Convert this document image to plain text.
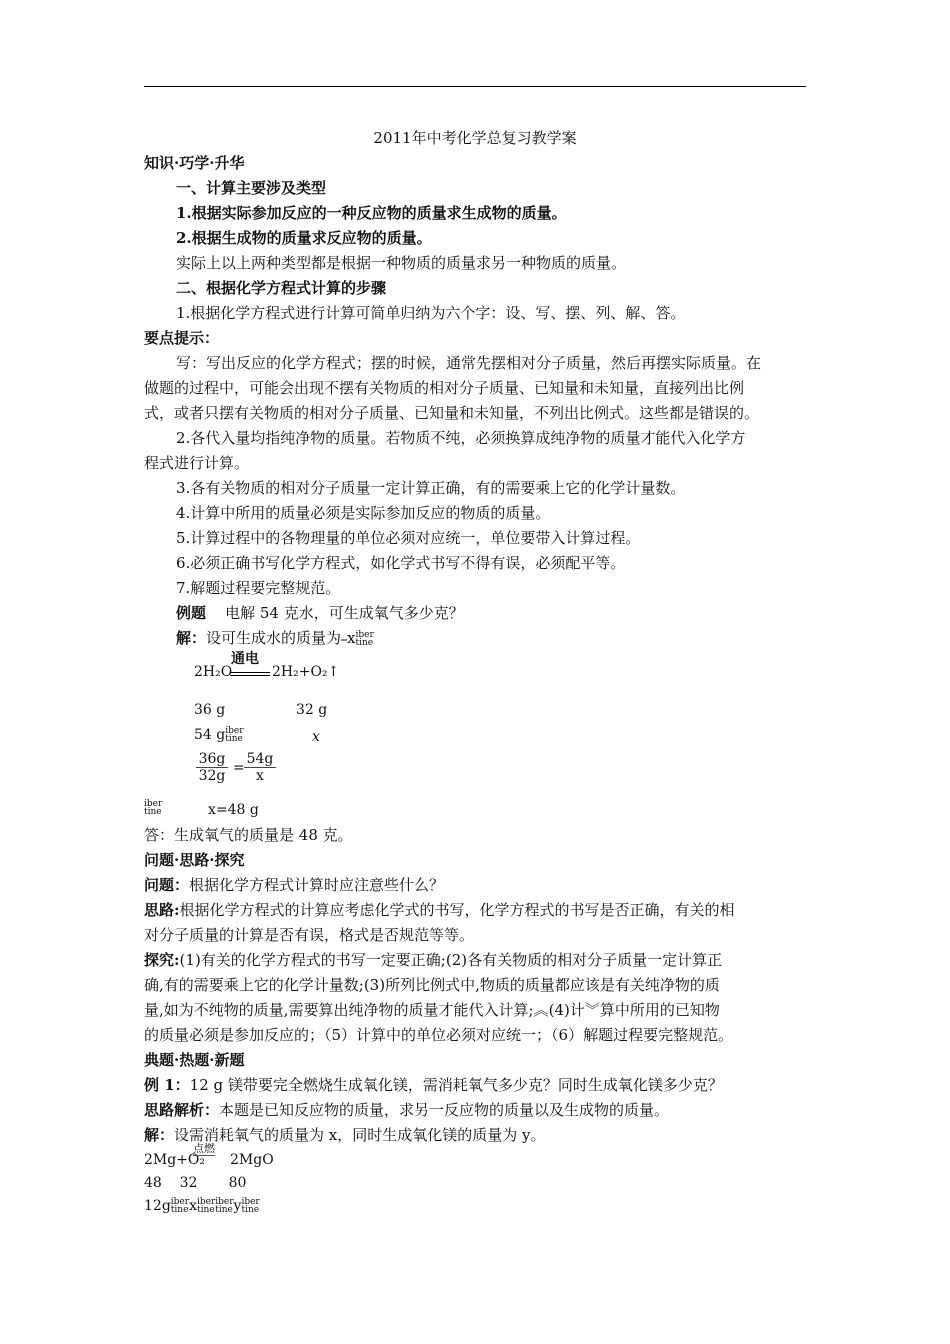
2011年中考化学总复习教学案
知识·巧学·升华
一、计算主要涉及类型
1.根据实际参加反应的一种反应物的质量求生成物的质量。
2.根据生成物的质量求反应物的质量。
实际上以上两种类型都是根据一种物质的质量求另一种物质的质量。
二、根据化学方程式计算的步骤
1.根据化学方程式进行计算可简单归纳为六个字：设、写、摆、列、解、答。
要点提示：
写：写出反应的化学方程式；摆的时候，通常先摆相对分子质量，然后再摆实际质量。在
做题的过程中，可能会出现不摆有关物质的相对分子质量、已知量和未知量，直接列出比例
式，或者只摆有关物质的相对分子质量、已知量和未知量，不列出比例式。这些都是错误的。
2.各代入量均指纯净物的质量。若物质不纯，必须换算成纯净物的质量才能代入化学方
程式进行计算。
3.各有关物质的相对分子质量一定计算正确，有的需要乘上它的化学计量数。
4.计算中所用的质量必须是实际参加反应的物质的质量。
5.计算过程中的各物理量的单位必须对应统一，单位要带入计算过程。
6.必须正确书写化学方程式，如化学式书写不得有误，必须配平等。
7.解题过程要完整规范。
例题 电解 54 克水，可生成氧气多少克？
解：设可生成水的质量为⎯xiber
tine
2H₂O
通电
2H₂+O₂↑
36 g	32 g
54 giber
tine	x
$\frac{36g}{32g} = \frac{54g}{x}$
iber
tine	x=48 g
答：生成氧气的质量是 48 克。
问题·思路·探究
问题：根据化学方程式计算时应注意些什么？
思路:根据化学方程式的计算应考虑化学式的书写，化学方程式的书写是否正确，有关的相
对分子质量的计算是否有误，格式是否规范等等。
探究:(1)有关的化学方程式的书写一定要正确;(2)各有关物质的相对分子质量一定计算正
确,有的需要乘上它的化学计量数;(3)所列比例式中,物质的质量都应该是有关纯净物的质
量,如为不纯物的质量,需要算出纯净物的质量才能代入计算;︽(4)计︾算中所用的已知物
的质量必须是参加反应的；（5）计算中的单位必须对应统一；（6）解题过程要完整规范。
典题·热题·新题
例 1：12 g 镁带要完全燃烧生成氧化镁，需消耗氧气多少克？同时生成氧化镁多少克？
思路解析：本题是已知反应物的质量，求另一反应物的质量以及生成物的质量。
解：设需消耗氧气的质量为 x，同时生成氧化镁的质量为 y。
2Mg+O₂
点燃
2MgO
48    32       80
12giber
tinexiber
tineiber
tineyiber
tine
